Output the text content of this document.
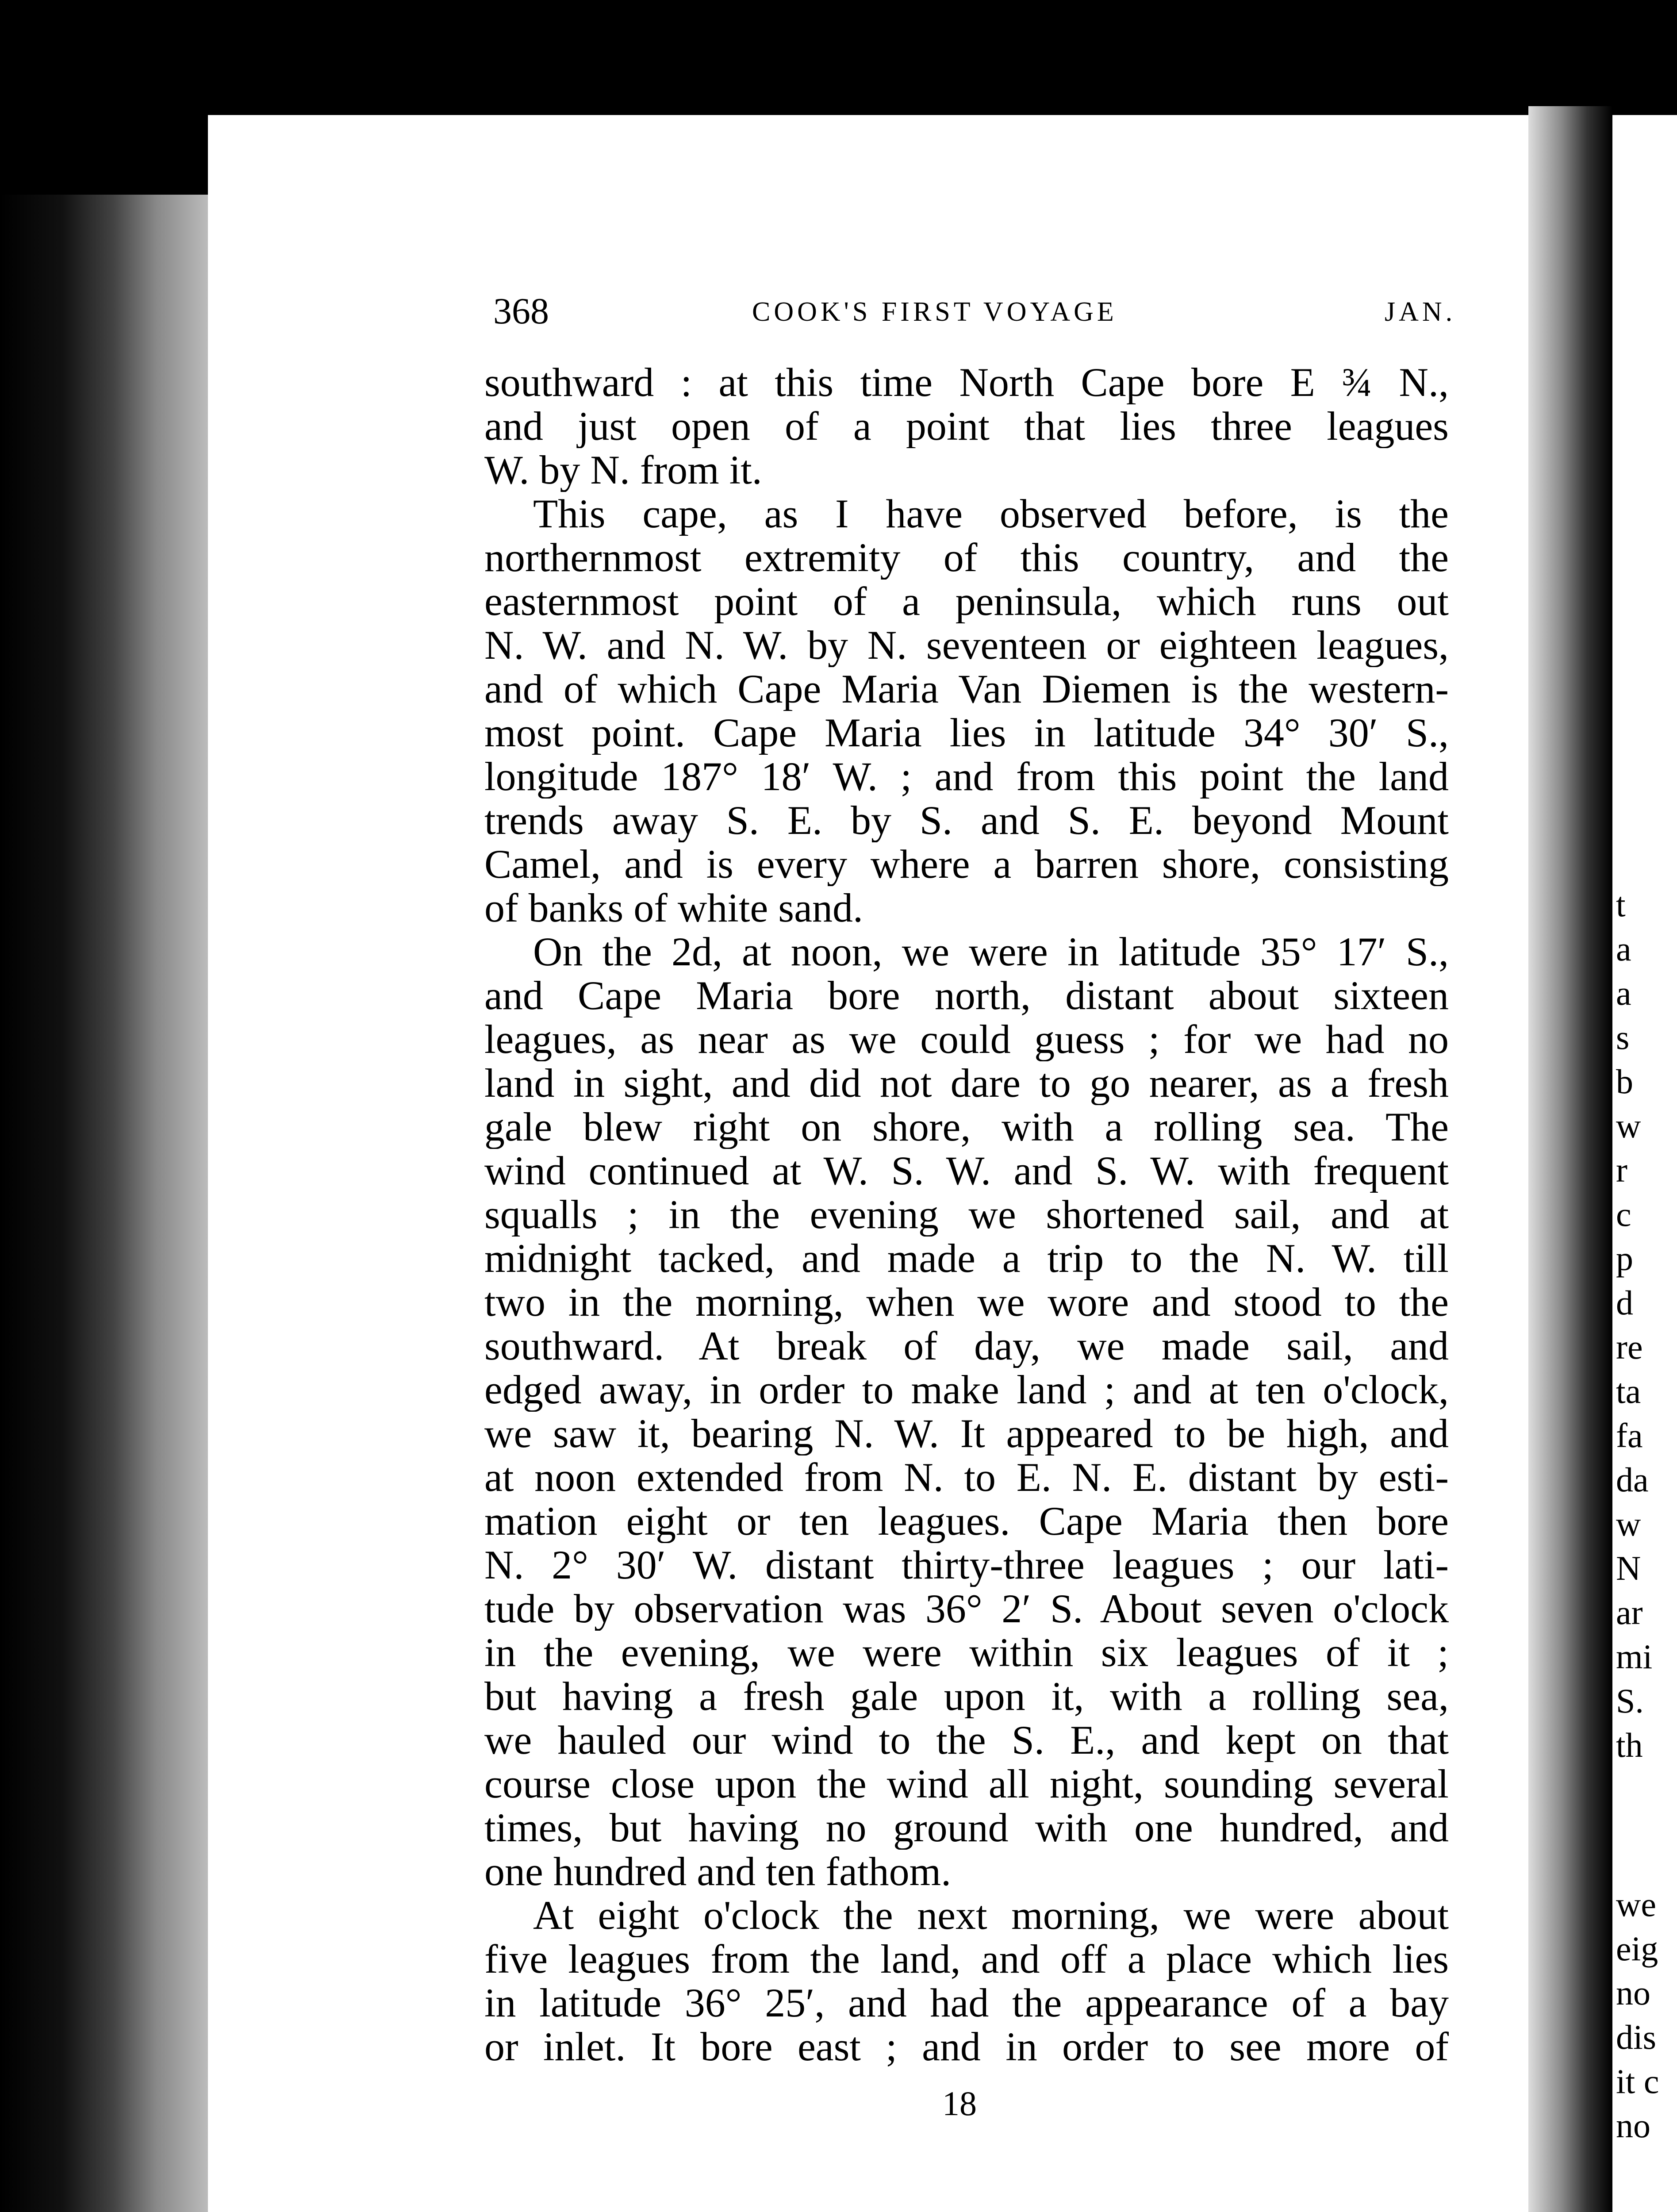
t
a
a
s
b
w
r
c
p
d
re
ta
fa
da
w
N
ar
mi
S.
th
we
eig
no
dis
it c
no
368	COOK'S FIRST VOYAGE	JAN.
southward : at this time North Cape bore E ¾ N.,
and just open of a point that lies three leagues
W. by N. from it.
This cape, as I have observed before, is the
northernmost extremity of this country, and the
easternmost point of a peninsula, which runs out
N. W. and N. W. by N. seventeen or eighteen leagues,
and of which Cape Maria Van Diemen is the western-
most point. Cape Maria lies in latitude 34° 30′ S.,
longitude 187° 18′ W. ; and from this point the land
trends away S. E. by S. and S. E. beyond Mount
Camel, and is every where a barren shore, consisting
of banks of white sand.
On the 2d, at noon, we were in latitude 35° 17′ S.,
and Cape Maria bore north, distant about sixteen
leagues, as near as we could guess ; for we had no
land in sight, and did not dare to go nearer, as a fresh
gale blew right on shore, with a rolling sea. The
wind continued at W. S. W. and S. W. with frequent
squalls ; in the evening we shortened sail, and at
midnight tacked, and made a trip to the N. W. till
two in the morning, when we wore and stood to the
southward. At break of day, we made sail, and
edged away, in order to make land ; and at ten o'clock,
we saw it, bearing N. W. It appeared to be high, and
at noon extended from N. to E. N. E. distant by esti-
mation eight or ten leagues. Cape Maria then bore
N. 2° 30′ W. distant thirty-three leagues ; our lati-
tude by observation was 36° 2′ S. About seven o'clock
in the evening, we were within six leagues of it ;
but having a fresh gale upon it, with a rolling sea,
we hauled our wind to the S. E., and kept on that
course close upon the wind all night, sounding several
times, but having no ground with one hundred, and
one hundred and ten fathom.
At eight o'clock the next morning, we were about
five leagues from the land, and off a place which lies
in latitude 36° 25′, and had the appearance of a bay
or inlet. It bore east ; and in order to see more of
18
